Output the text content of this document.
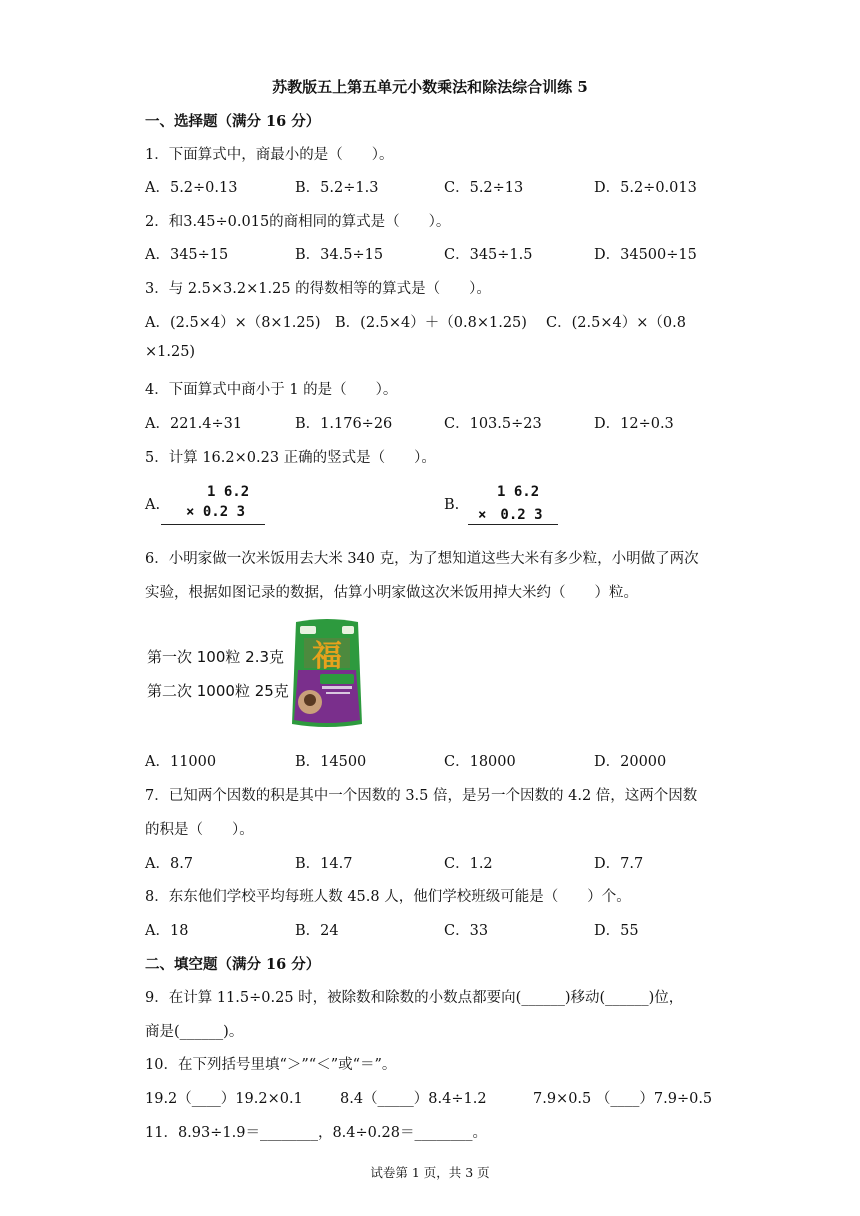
苏教版五上第五单元小数乘法和除法综合训练 5
一、选择题（满分 16 分）
1．下面算式中，商最小的是（　　）。
A．5.2÷0.13	B．5.2÷1.3	C．5.2÷13	D．5.2÷0.013
2．和3.45÷0.015的商相同的算式是（　　）。
A．345÷15	B．34.5÷15	C．345÷1.5	D．34500÷15
3．与 2.5×3.2×1.25 的得数相等的算式是（　　）。
A．(2.5×4）×（8×1.25)　B．(2.5×4）＋（0.8×1.25)　 C．(2.5×4）×（0.8
×1.25)
4．下面算式中商小于 1 的是（　　）。
A．221.4÷31	B．1.176÷26	C．103.5÷23	D．12÷0.3
5．计算 16.2×0.23 正确的竖式是（　　）。
A.
1 6.2
× 0.2 3	B.
1 6.2
×　0.2 3
6．小明家做一次米饭用去大米 340 克，为了想知道这些大米有多少粒，小明做了两次
实验，根据如图记录的数据，估算小明家做这次米饭用掉大米约（　　）粒。
第一次 100粒 2.3克
第二次 1000粒 25克
福
A．11000	B．14500	C．18000	D．20000
7．已知两个因数的积是其中一个因数的 3.5 倍，是另一个因数的 4.2 倍，这两个因数
的积是（　　）。
A．8.7	B．14.7	C．1.2	D．7.7
8．东东他们学校平均每班人数 45.8 人，他们学校班级可能是（　　）个。
A．18	B．24	C．33	D．55
二、填空题（满分 16 分）
9．在计算 11.5÷0.25 时，被除数和除数的小数点都要向(______)移动(______)位，
商是(______)。
10．在下列括号里填“＞”“＜”或“＝”。
19.2（____）19.2×0.1	8.4（_____）8.4÷1.2	7.9×0.5 （____）7.9÷0.5
11．8.93÷1.9＝________，8.4÷0.28＝________。
试卷第 1 页，共 3 页
